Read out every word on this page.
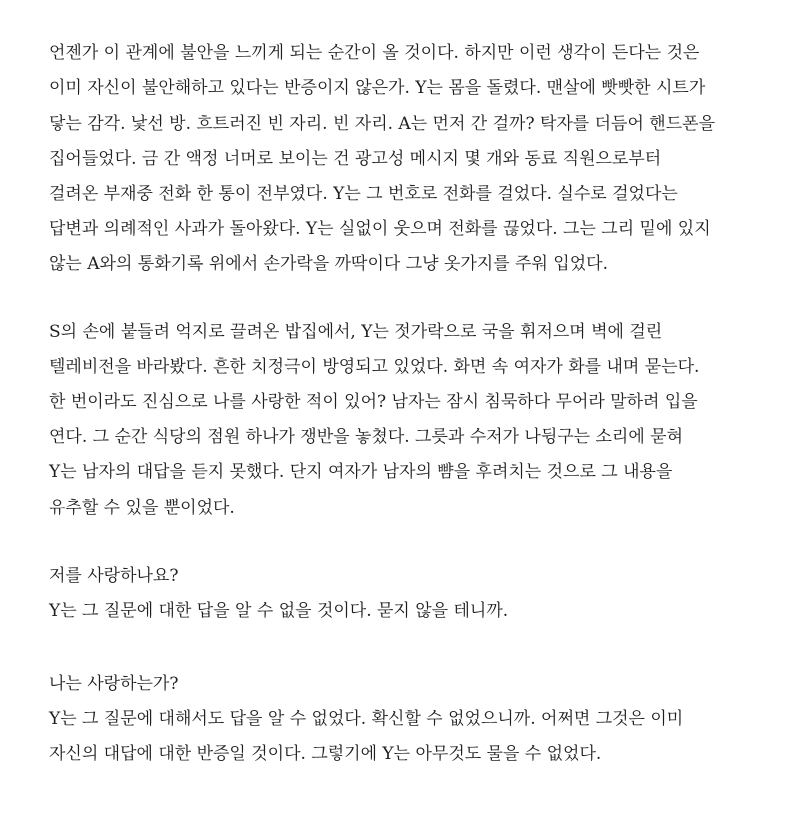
언젠가 이 관계에 불안을 느끼게 되는 순간이 올 것이다. 하지만 이런 생각이 든다는 것은
이미 자신이 불안해하고 있다는 반증이지 않은가. Y는 몸을 돌렸다. 맨살에 빳빳한 시트가
닿는 감각. 낯선 방. 흐트러진 빈 자리. 빈 자리. A는 먼저 간 걸까? 탁자를 더듬어 핸드폰을
집어들었다. 금 간 액정 너머로 보이는 건 광고성 메시지 몇 개와 동료 직원으로부터
걸려온 부재중 전화 한 통이 전부였다. Y는 그 번호로 전화를 걸었다. 실수로 걸었다는
답변과 의례적인 사과가 돌아왔다. Y는 실없이 웃으며 전화를 끊었다. 그는 그리 밑에 있지
않는 A와의 통화기록 위에서 손가락을 까딱이다 그냥 옷가지를 주워 입었다.
S의 손에 붙들려 억지로 끌려온 밥집에서, Y는 젓가락으로 국을 휘저으며 벽에 걸린
텔레비전을 바라봤다. 흔한 치정극이 방영되고 있었다. 화면 속 여자가 화를 내며 묻는다.
한 번이라도 진심으로 나를 사랑한 적이 있어? 남자는 잠시 침묵하다 무어라 말하려 입을
연다. 그 순간 식당의 점원 하나가 쟁반을 놓쳤다. 그릇과 수저가 나뒹구는 소리에 묻혀
Y는 남자의 대답을 듣지 못했다. 단지 여자가 남자의 뺨을 후려치는 것으로 그 내용을
유추할 수 있을 뿐이었다.
저를 사랑하나요?
Y는 그 질문에 대한 답을 알 수 없을 것이다. 묻지 않을 테니까.
나는 사랑하는가?
Y는 그 질문에 대해서도 답을 알 수 없었다. 확신할 수 없었으니까. 어쩌면 그것은 이미
자신의 대답에 대한 반증일 것이다. 그렇기에 Y는 아무것도 물을 수 없었다.
